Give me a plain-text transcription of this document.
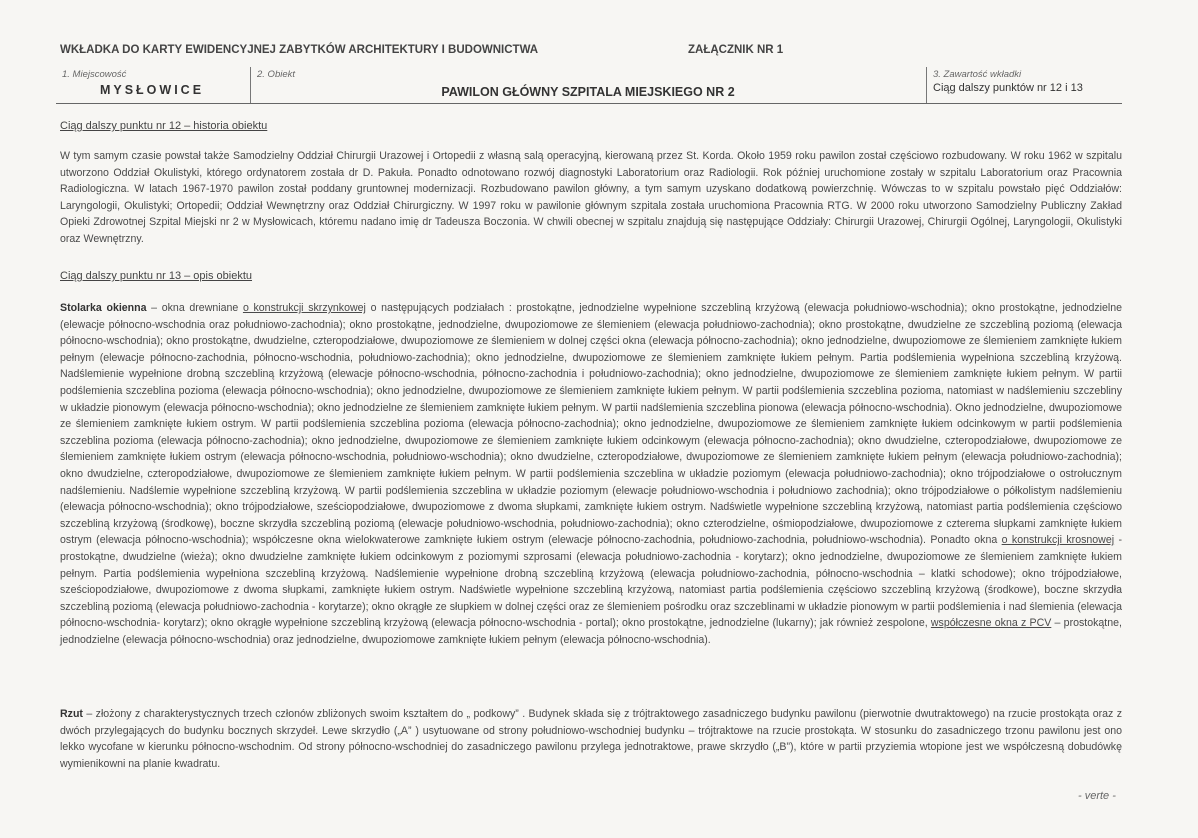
WKŁADKA DO KARTY EWIDENCYJNEJ ZABYTKÓW ARCHITEKTURY I BUDOWNICTWA	ZAŁĄCZNIK NR 1
1. Miejscowość
MYSŁOWICE
2. Obiekt
PAWILON GŁÓWNY SZPITALA MIEJSKIEGO NR 2
3. Zawartość wkładki
Ciąg dalszy punktów nr 12 i 13
Ciąg dalszy punktu nr 12 – historia obiektu

W tym samym czasie powstał także Samodzielny Oddział Chirurgii Urazowej i Ortopedii z własną salą operacyjną, kierowaną przez St. Korda. Około 1959 roku pawilon został częściowo rozbudowany. W roku 1962 w szpitalu utworzono Oddział Okulistyki, którego ordynatorem została dr D. Pakuła. Ponadto odnotowano rozwój diagnostyki Laboratorium oraz Radiologii. Rok później uruchomione zostały w szpitalu Laboratorium oraz Pracownia Radiologiczna. W latach 1967-1970 pawilon został poddany gruntownej modernizacji. Rozbudowano pawilon główny, a tym samym uzyskano dodatkową powierzchnię. Wówczas to w szpitalu powstało pięć Oddziałów: Laryngologii, Okulistyki; Ortopedii; Oddział Wewnętrzny oraz Oddział Chirurgiczny. W 1997 roku w pawilonie głównym szpitala została uruchomiona Pracownia RTG. W 2000 roku utworzono Samodzielny Publiczny Zakład Opieki Zdrowotnej Szpital Miejski nr 2 w Mysłowicach, któremu nadano imię dr Tadeusza Boczonia. W chwili obecnej w szpitalu znajdują się następujące Oddziały: Chirurgii Urazowej, Chirurgii Ogólnej, Laryngologii, Okulistyki oraz Wewnętrzny.

Ciąg dalszy punktu nr 13 – opis obiektu

Stolarka okienna – okna drewniane o konstrukcji skrzynkowej o następujących podziałach : prostokątne, jednodzielne wypełnione szczebliną krzyżową (elewacja południowo-wschodnia); okno prostokątne, jednodzielne (elewacje północno-wschodnia oraz południowo-zachodnia); okno prostokątne, jednodzielne, dwupoziomowe ze ślemieniem (elewacja południowo-zachodnia); okno prostokątne, dwudzielne ze szczebliną poziomą (elewacja północno-wschodnia); okno prostokątne, dwudzielne, czteropodziałowe, dwupoziomowe ze ślemieniem w dolnej części okna (elewacja północno-zachodnia); okno jednodzielne, dwupoziomowe ze ślemieniem zamknięte łukiem pełnym (elewacje północno-zachodnia, północno-wschodnia, południowo-zachodnia); okno jednodzielne, dwupoziomowe ze ślemieniem zamknięte łukiem pełnym. Partia podślemienia wypełniona szczebliną krzyżową. Nadślemienie wypełnione drobną szczebliną krzyżową (elewacje północno-wschodnia, północno-zachodnia i południowo-zachodnia); okno jednodzielne, dwupoziomowe ze ślemieniem zamknięte łukiem pełnym. W partii podślemienia szczeblina pozioma (elewacja północno-wschodnia); okno jednodzielne, dwupoziomowe ze ślemieniem zamknięte łukiem pełnym. W partii podślemienia szczeblina pozioma, natomiast w nadślemieniu szczebliny w układzie pionowym (elewacja północno-wschodnia); okno jednodzielne ze ślemieniem zamknięte łukiem pełnym. W partii nadślemienia szczeblina pionowa (elewacja północno-wschodnia). Okno jednodzielne, dwupoziomowe ze ślemieniem zamknięte łukiem ostrym. W partii podślemienia szczeblina pozioma (elewacja północno-zachodnia); okno jednodzielne, dwupoziomowe ze ślemieniem zamknięte łukiem odcinkowym w partii podślemienia szczeblina pozioma (elewacja północno-zachodnia); okno jednodzielne, dwupoziomowe ze ślemieniem zamknięte łukiem odcinkowym (elewacja północno-zachodnia); okno dwudzielne, czteropodziałowe, dwupoziomowe ze ślemieniem zamknięte łukiem ostrym (elewacja północno-wschodnia, południowo-wschodnia); okno dwudzielne, czteropodziałowe, dwupoziomowe ze ślemieniem zamknięte łukiem pełnym (elewacja południowo-zachodnia); okno dwudzielne, czteropodziałowe, dwupoziomowe ze ślemieniem zamknięte łukiem pełnym. W partii podślemienia szczeblina w układzie poziomym (elewacja południowo-zachodnia); okno trójpodziałowe o ostrołucznym nadślemieniu. Nadślemie wypełnione szczebliną krzyżową. W partii podślemienia szczeblina w układzie poziomym (elewacje południowo-wschodnia i południowo zachodnia); okno trójpodziałowe o półkolistym nadślemieniu (elewacja północno-wschodnia); okno trójpodziałowe, sześciopodziałowe, dwupoziomowe z dwoma słupkami, zamknięte łukiem ostrym. Nadświetle wypełnione szczebliną krzyżową, natomiast partia podślemienia częściowo szczebliną krzyżową (środkowę), boczne skrzydła szczebliną poziomą (elewacje południowo-wschodnia, południowo-zachodnia); okno czterodzielne, ośmiopodziałowe, dwupoziomowe z czterema słupkami zamknięte łukiem ostrym (elewacja północno-wschodnia); współczesne okna wielokwaterowe zamknięte łukiem ostrym (elewacje północno-zachodnia, południowo-zachodnia, południowo-wschodnia). Ponadto okna o konstrukcji krosnowej - prostokątne, dwudzielne (wieża); okno dwudzielne zamknięte łukiem odcinkowym z poziomymi szprosami (elewacja południowo-zachodnia - korytarz); okno jednodzielne, dwupoziomowe ze ślemieniem zamknięte łukiem pełnym. Partia podślemienia wypełniona szczebliną krzyżową. Nadślemienie wypełnione drobną szczebliną krzyżową (elewacja południowo-zachodnia, północno-wschodnia – klatki schodowe); okno trójpodziałowe, sześciopodziałowe, dwupoziomowe z dwoma słupkami, zamknięte łukiem ostrym. Nadświetle wypełnione szczebliną krzyżową, natomiast partia podślemienia częściowo szczebliną krzyżową (środkowe), boczne skrzydła szczebliną poziomą (elewacja południowo-zachodnia - korytarze); okno okrągłe ze słupkiem w dolnej części oraz ze ślemieniem pośrodku oraz szczeblinami w układzie pionowym w partii podślemienia i nad ślemienia (elewacja północno-wschodnia- korytarz); okno okrągłe wypełnione szczebliną krzyżową (elewacja północno-wschodnia - portal); okno prostokątne, jednodzielne (lukarny); jak również zespolone, współczesne okna z PCV – prostokątne, jednodzielne (elewacja północno-wschodnia) oraz jednodzielne, dwupoziomowe zamknięte łukiem pełnym (elewacja północno-wschodnia).

Rzut – złożony z charakterystycznych trzech członów zbliżonych swoim kształtem do „ podkowy” . Budynek składa się z trójtraktowego zasadniczego budynku pawilonu (pierwotnie dwutraktowego) na rzucie prostokąta oraz z dwóch przylegających do budynku bocznych skrzydeł. Lewe skrzydło („A” ) usytuowane od strony południowo-wschodniej budynku – trójtraktowe na rzucie prostokąta. W stosunku do zasadniczego trzonu pawilonu jest ono lekko wycofane w kierunku północno-wschodnim. Od strony północno-wschodniej do zasadniczego pawilonu przylega jednotraktowe, prawe skrzydło („B”), które w partii przyziemia wtopione jest we współczesną dobudówkę wymienikowni na planie kwadratu.

- verte -
